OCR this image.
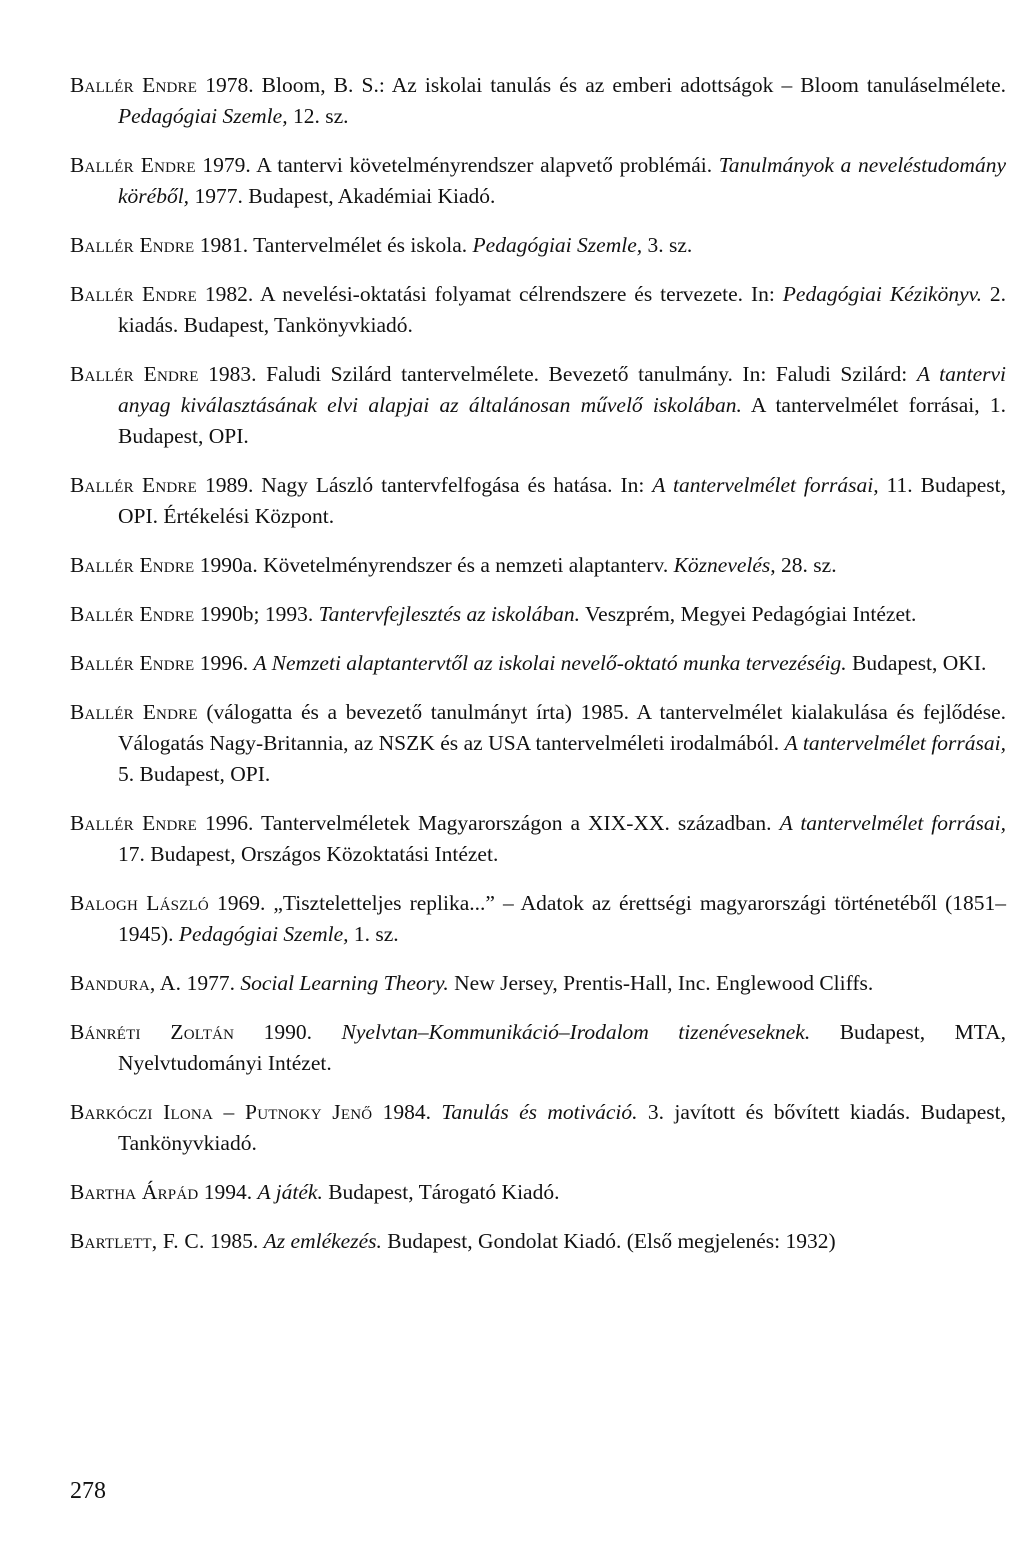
Ballér Endre 1978. Bloom, B. S.: Az iskolai tanulás és az emberi adottságok – Bloom tanuláselmélete. Pedagógiai Szemle, 12. sz.

Ballér Endre 1979. A tantervi követelményrendszer alapvető problémái. Tanulmányok a neveléstudomány köréből, 1977. Budapest, Akadémiai Kiadó.

Ballér Endre 1981. Tantervelmélet és iskola. Pedagógiai Szemle, 3. sz.

Ballér Endre 1982. A nevelési-oktatási folyamat célrendszere és tervezete. In: Pedagógiai Kézikönyv. 2. kiadás. Budapest, Tankönyvkiadó.

Ballér Endre 1983. Faludi Szilárd tantervelmélete. Bevezető tanulmány. In: Faludi Szilárd: A tantervi anyag kiválasztásának elvi alapjai az általánosan művelő iskolában. A tantervelmélet forrásai, 1. Budapest, OPI.

Ballér Endre 1989. Nagy László tantervfelfogása és hatása. In: A tantervelmélet forrásai, 11. Budapest, OPI. Értékelési Központ.

Ballér Endre 1990a. Követelményrendszer és a nemzeti alaptanterv. Köznevelés, 28. sz.

Ballér Endre 1990b; 1993. Tantervfejlesztés az iskolában. Veszprém, Megyei Pedagógiai Intézet.

Ballér Endre 1996. A Nemzeti alaptantervtől az iskolai nevelő-oktató munka tervezéséig. Budapest, OKI.

Ballér Endre (válogatta és a bevezető tanulmányt írta) 1985. A tantervelmélet kialakulása és fejlődése. Válogatás Nagy-Britannia, az NSZK és az USA tantervelméleti irodalmából. A tantervelmélet forrásai, 5. Budapest, OPI.

Ballér Endre 1996. Tantervelméletek Magyarországon a XIX-XX. században. A tantervelmélet forrásai, 17. Budapest, Országos Közoktatási Intézet.

Balogh László 1969. „Tiszteletteljes replika...” – Adatok az érettségi magyarországi történetéből (1851–1945). Pedagógiai Szemle, 1. sz.

Bandura, A. 1977. Social Learning Theory. New Jersey, Prentis-Hall, Inc. Englewood Cliffs.

Bánréti Zoltán 1990. Nyelvtan–Kommunikáció–Irodalom tizenéveseknek. Budapest, MTA, Nyelvtudományi Intézet.

Barkóczi Ilona – Putnoky Jenő 1984. Tanulás és motiváció. 3. javított és bővített kiadás. Budapest, Tankönyvkiadó.

Bartha Árpád 1994. A játék. Budapest, Tárogató Kiadó.

Bartlett, F. C. 1985. Az emlékezés. Budapest, Gondolat Kiadó. (Első megjelenés: 1932)

278
